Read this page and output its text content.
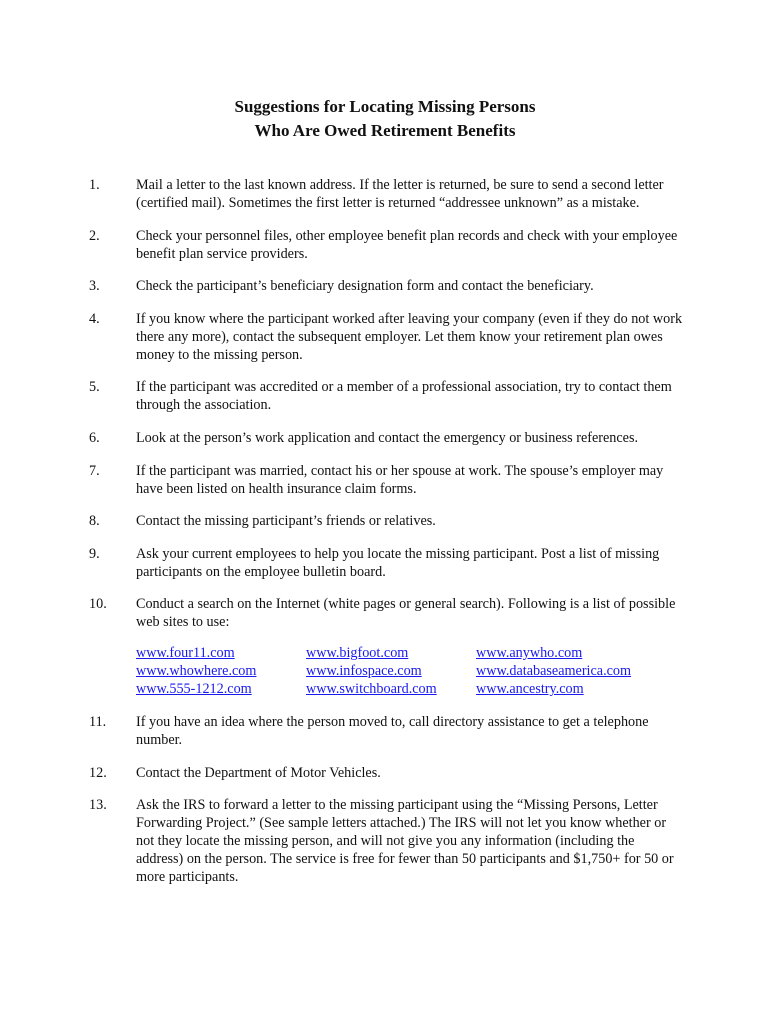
Suggestions for Locating Missing Persons
Who Are Owed Retirement Benefits
1.	Mail a letter to the last known address. If the letter is returned, be sure to send a second letter (certified mail). Sometimes the first letter is returned “addressee unknown” as a mistake.
2.	Check your personnel files, other employee benefit plan records and check with your employee benefit plan service providers.
3.	Check the participant’s beneficiary designation form and contact the beneficiary.
4.	If you know where the participant worked after leaving your company (even if they do not work there any more), contact the subsequent employer. Let them know your retirement plan owes money to the missing person.
5.	If the participant was accredited or a member of a professional association, try to contact them through the association.
6.	Look at the person’s work application and contact the emergency or business references.
7.	If the participant was married, contact his or her spouse at work. The spouse’s employer may have been listed on health insurance claim forms.
8.	Contact the missing participant’s friends or relatives.
9.	Ask your current employees to help you locate the missing participant. Post a list of missing participants on the employee bulletin board.
10. Conduct a search on the Internet (white pages or general search). Following is a list of possible web sites to use:
www.four11.com	www.bigfoot.com	www.anywho.com
www.whowhere.com	www.infospace.com	www.databaseamerica.com
www.555-1212.com	www.switchboard.com	www.ancestry.com
11. If you have an idea where the person moved to, call directory assistance to get a telephone number.
12. Contact the Department of Motor Vehicles.
13. Ask the IRS to forward a letter to the missing participant using the “Missing Persons, Letter Forwarding Project.” (See sample letters attached.) The IRS will not let you know whether or not they locate the missing person, and will not give you any information (including the address) on the person. The service is free for fewer than 50 participants and $1,750+ for 50 or more participants.
